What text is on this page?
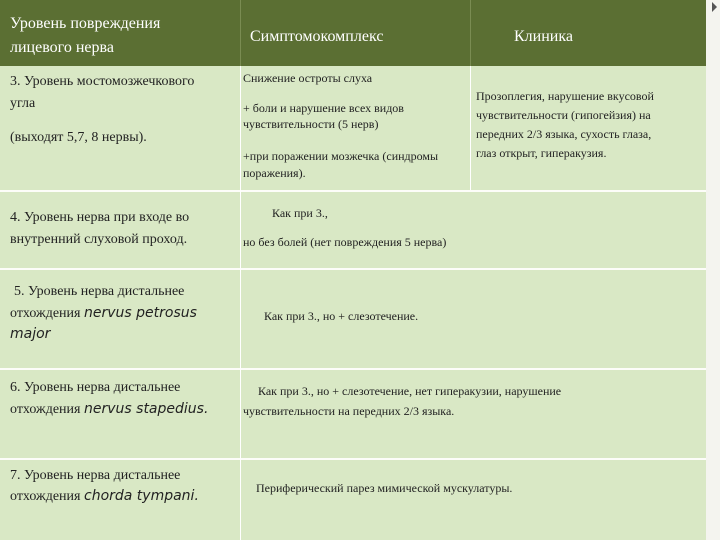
Уровень повреждения
лицевого нерва
Симптомокомплекс	Клиника
3. Уровень мостомозжечкового
угла
(выходят 5,7, 8 нервы).
Снижение остроты слуха
+ боли и нарушение всех видов
чувствительности (5 нерв)
+при поражении мозжечка (синдромы
поражения).
Прозоплегия, нарушение вкусовой
чувствительности (гипогейзия) на
передних 2/3 языка, сухость глаза,
глаз открыт, гиперакузия.
4. Уровень нерва при входе во
внутренний слуховой проход.
Как при 3.,
но без болей (нет повреждения 5 нерва)
5. Уровень нерва дистальнее
отхождения nervus petrosus
major
Как при 3., но + слезотечение.
6. Уровень нерва дистальнее
отхождения nervus stapedius.
Как при 3., но + слезотечение, нет гиперакузии, нарушение
чувствительности на передних 2/3 языка.
7. Уровень нерва дистальнее
отхождения chorda tympani.	Периферический парез мимической мускулатуры.
